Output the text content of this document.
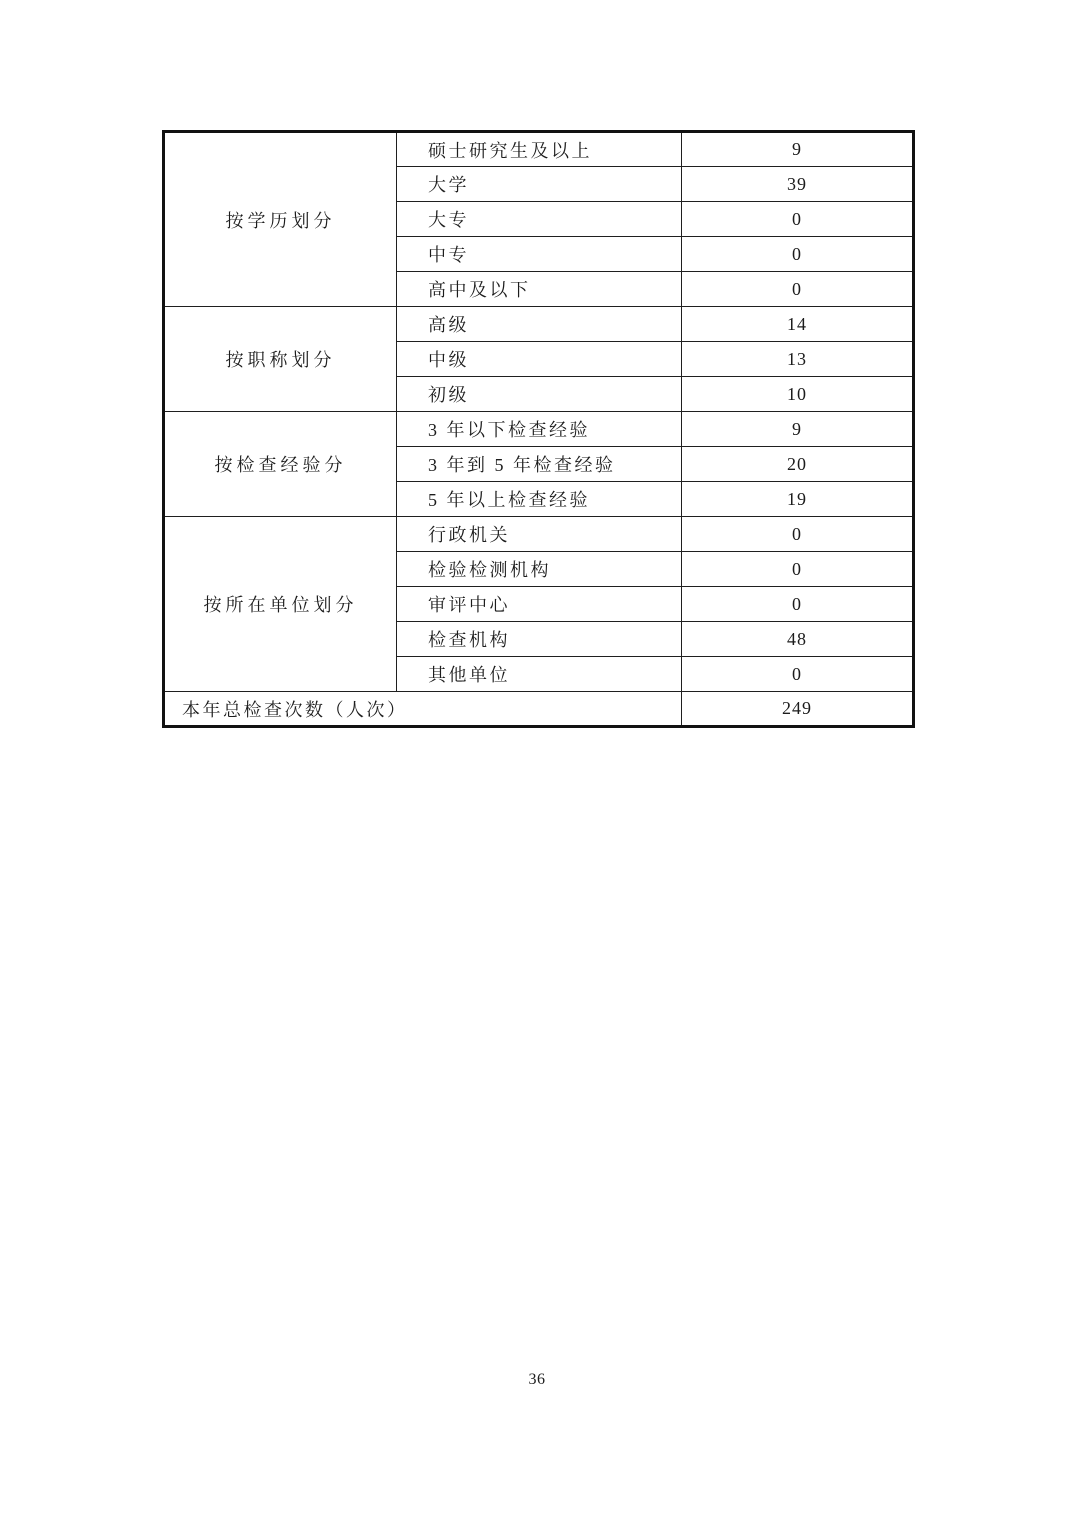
按学历划分	硕士研究生及以上	9
	大学	39
	大专	0
	中专	0
	高中及以下	0
按职称划分	高级	14
	中级	13
	初级	10
按检查经验分	3 年以下检查经验	9
	3 年到 5 年检查经验	20
	5 年以上检查经验	19
按所在单位划分	行政机关	0
	检验检测机构	0
	审评中心	0
	检查机构	48
	其他单位	0
本年总检查次数（人次）		249
36
